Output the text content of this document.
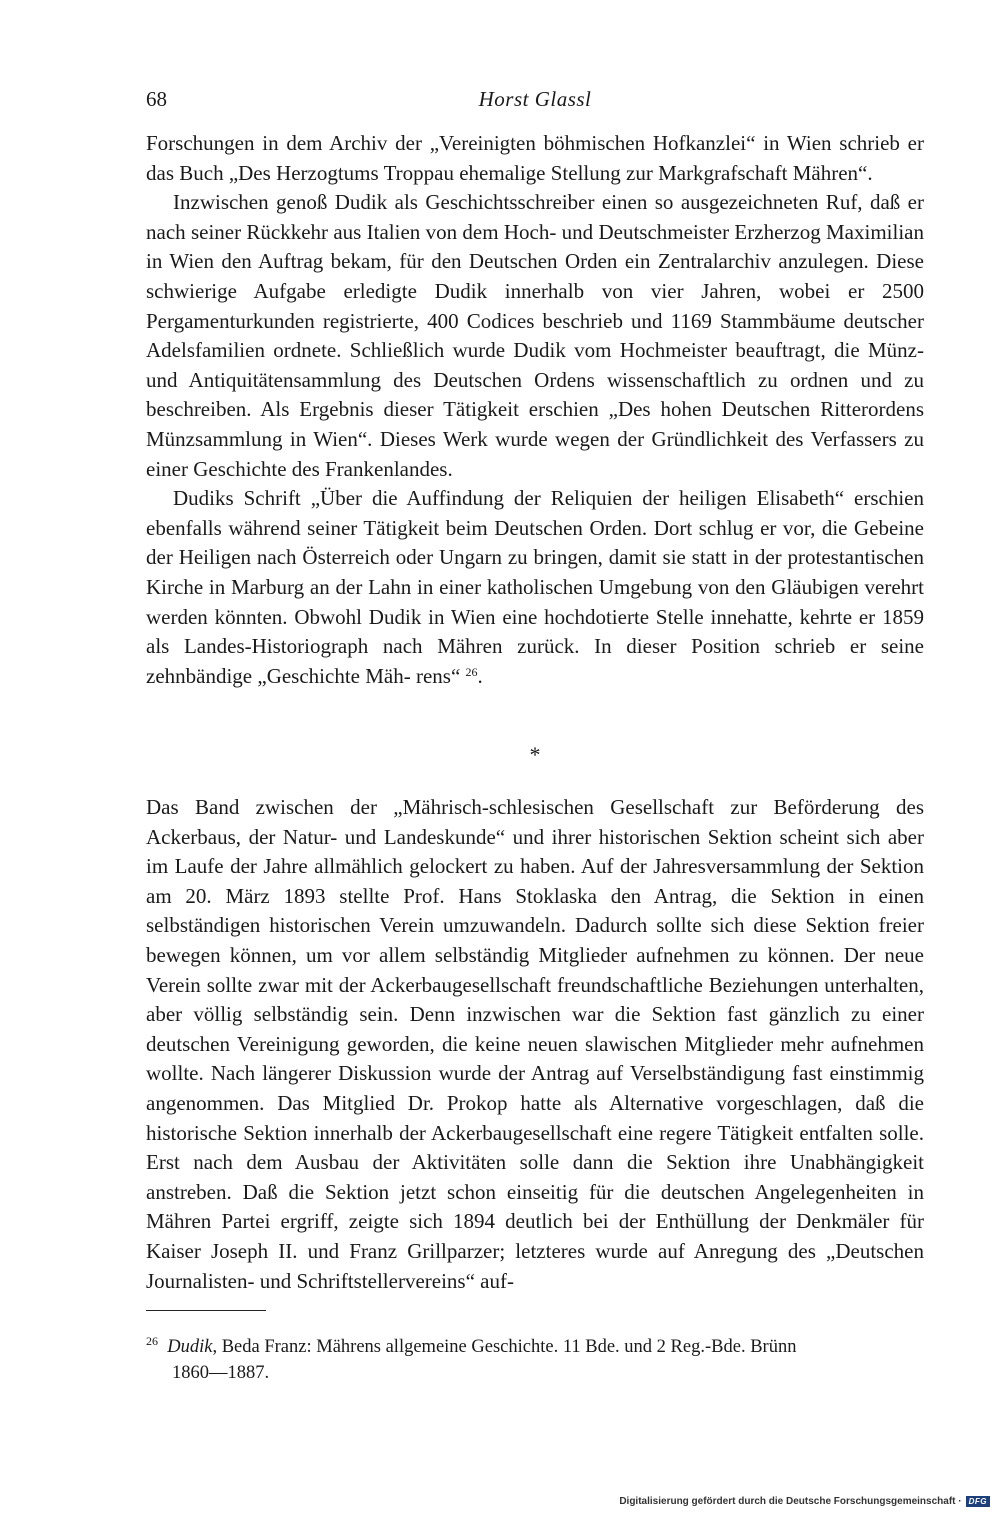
68	Horst Glassl

Forschungen in dem Archiv der „Vereinigten böhmischen Hofkanzlei“ in Wien schrieb er das Buch „Des Herzogtums Troppau ehemalige Stellung zur Markgrafschaft Mähren“.

Inzwischen genoß Dudik als Geschichtsschreiber einen so ausgezeichneten Ruf, daß er nach seiner Rückkehr aus Italien von dem Hoch- und Deutschmeister Erzherzog Maximilian in Wien den Auftrag bekam, für den Deutschen Orden ein Zentralarchiv anzulegen. Diese schwierige Aufgabe erledigte Dudik innerhalb von vier Jahren, wobei er 2500 Pergamenturkunden registrierte, 400 Codices beschrieb und 1169 Stammbäume deutscher Adelsfamilien ordnete. Schließlich wurde Dudik vom Hochmeister beauftragt, die Münz- und Antiquitätensammlung des Deutschen Ordens wissenschaftlich zu ordnen und zu beschreiben. Als Ergebnis dieser Tätigkeit erschien „Des hohen Deutschen Ritterordens Münzsammlung in Wien“. Dieses Werk wurde wegen der Gründlichkeit des Verfassers zu einer Geschichte des Frankenlandes.

Dudiks Schrift „Über die Auffindung der Reliquien der heiligen Elisabeth“ erschien ebenfalls während seiner Tätigkeit beim Deutschen Orden. Dort schlug er vor, die Gebeine der Heiligen nach Österreich oder Ungarn zu bringen, damit sie statt in der protestantischen Kirche in Marburg an der Lahn in einer katholischen Umgebung von den Gläubigen verehrt werden könnten. Obwohl Dudik in Wien eine hochdotierte Stelle innehatte, kehrte er 1859 als Landes-Historiograph nach Mähren zurück. In dieser Position schrieb er seine zehnbändige „Geschichte Mäh- rens“ $^{26}$.

*

Das Band zwischen der „Mährisch-schlesischen Gesellschaft zur Beförderung des Ackerbaus, der Natur- und Landeskunde“ und ihrer historischen Sektion scheint sich aber im Laufe der Jahre allmählich gelockert zu haben. Auf der Jahresversammlung der Sektion am 20. März 1893 stellte Prof. Hans Stoklaska den Antrag, die Sektion in einen selbständigen historischen Verein umzuwandeln. Dadurch sollte sich diese Sektion freier bewegen können, um vor allem selbständig Mitglieder aufnehmen zu können. Der neue Verein sollte zwar mit der Ackerbaugesellschaft freundschaftliche Beziehungen unterhalten, aber völlig selbständig sein. Denn inzwischen war die Sektion fast gänzlich zu einer deutschen Vereinigung geworden, die keine neuen slawischen Mitglieder mehr aufnehmen wollte. Nach längerer Diskussion wurde der Antrag auf Verselbständigung fast einstimmig angenommen. Das Mitglied Dr. Prokop hatte als Alternative vorgeschlagen, daß die historische Sektion innerhalb der Ackerbaugesellschaft eine regere Tätigkeit entfalten solle. Erst nach dem Ausbau der Aktivitäten solle dann die Sektion ihre Unabhängigkeit anstreben. Daß die Sektion jetzt schon einseitig für die deutschen Angelegenheiten in Mähren Partei ergriff, zeigte sich 1894 deutlich bei der Enthüllung der Denkmäler für Kaiser Joseph II. und Franz Grillparzer; letzteres wurde auf Anregung des „Deutschen Journalisten- und Schriftstellervereins“ auf-

$^{26}$ Dudik, Beda Franz: Mährens allgemeine Geschichte. 11 Bde. und 2 Reg.-Bde. Brünn
1860—1887.
Digitalisierung gefördert durch die Deutsche Forschungsgemeinschaft · DFG
